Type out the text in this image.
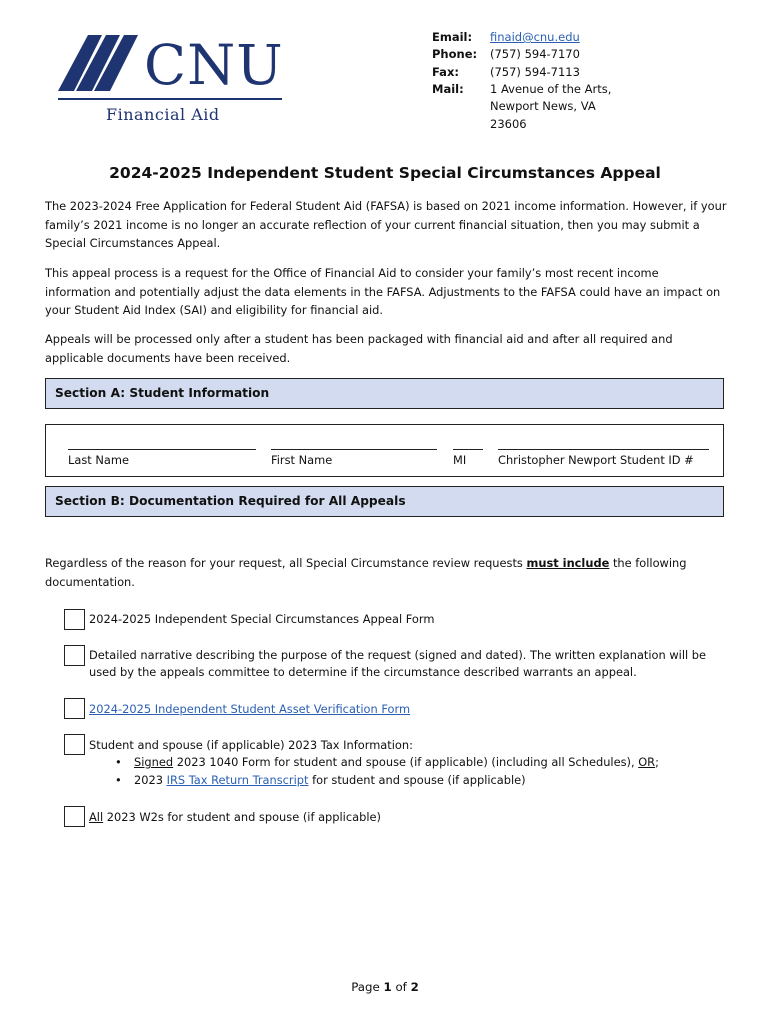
CNU
Financial Aid
Email:	finaid@cnu.edu
Phone:	(757) 594-7170
Fax:	(757) 594-7113
Mail:	1 Avenue of the Arts,
Newport News, VA
23606
2024-2025 Independent Student Special Circumstances Appeal
The 2023-2024 Free Application for Federal Student Aid (FAFSA) is based on 2021 income information. However, if your family’s 2021 income is no longer an accurate reflection of your current financial situation, then you may submit a Special Circumstances Appeal.
This appeal process is a request for the Office of Financial Aid to consider your family’s most recent income information and potentially adjust the data elements in the FAFSA. Adjustments to the FAFSA could have an impact on your Student Aid Index (SAI) and eligibility for financial aid.
Appeals will be processed only after a student has been packaged with financial aid and after all required and applicable documents have been received.
Section A: Student Information
Last Name	First Name	MI	Christopher Newport Student ID #
Section B: Documentation Required for All Appeals
Regardless of the reason for your request, all Special Circumstance review requests must include the following documentation.
2024-2025 Independent Special Circumstances Appeal Form
Detailed narrative describing the purpose of the request (signed and dated). The written explanation will be used by the appeals committee to determine if the circumstance described warrants an appeal.
2024-2025 Independent Student Asset Verification Form
Student and spouse (if applicable) 2023 Tax Information:
• Signed 2023 1040 Form for student and spouse (if applicable) (including all Schedules), OR;
• 2023 IRS Tax Return Transcript for student and spouse (if applicable)
All 2023 W2s for student and spouse (if applicable)
Page 1 of 2
